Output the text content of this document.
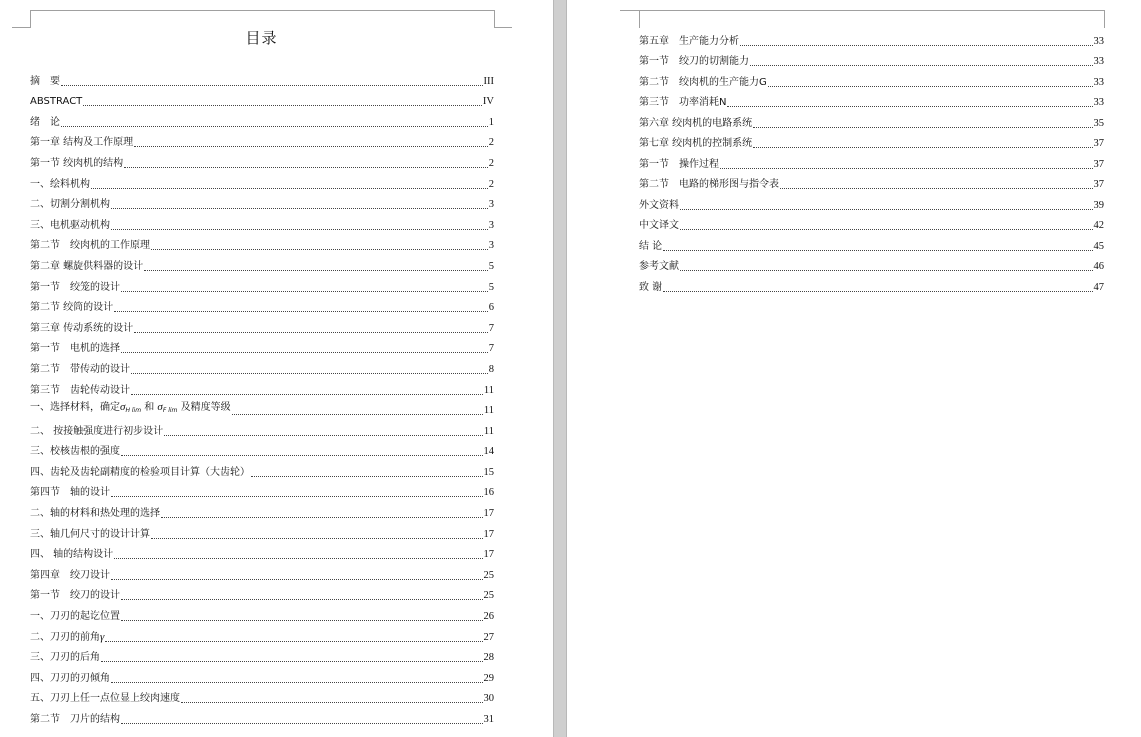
目录
摘　要	III
ABSTRACT	IV
绪　论	1
第一章 结构及工作原理	2
第一节 绞肉机的结构	2
一、绘料机构	2
二、切割分割机构	3
三、电机驱动机构	3
第二节　绞肉机的工作原理	3
第二章 螺旋供料器的设计	5
第一节　绞笼的设计	5
第二节 绞筒的设计	6
第三章 传动系统的设计	7
第一节　电机的选择	7
第二节　带传动的设计	8
第三节　齿轮传动设计	11
一、选择材料，确定$\sigma_{H lim}$ 和 $\sigma_{F lim}$ 及精度等级	11
二、 按接触强度进行初步设计	11
三、校核齿根的强度	14
四、齿轮及齿轮副精度的检验项目计算（大齿轮）	15
第四节　轴的设计	16
二、轴的材料和热处理的选择	17
三、轴几何尺寸的设计计算	17
四、 轴的结构设计	17
第四章　绞刀设计	25
第一节　绞刀的设计	25
一、刀刃的起讫位置	26
二、刀刃的前角γ	27
三、刀刃的后角	28
四、刀刃的刃倾角	29
五、刀刃上任一点位显上绞肉速度	30
第二节　刀片的结构	31
第五章　生产能力分析	33
第一节　绞刀的切割能力	33
第二节　绞肉机的生产能力G	33
第三节　功率消耗N	33
第六章 绞肉机的电路系统	35
第七章 绞肉机的控制系统	37
第一节　操作过程	37
第二节　电路的梯形图与指令表	37
外文资料	39
中文译文	42
结 论	45
参考文献	46
致 谢	47
